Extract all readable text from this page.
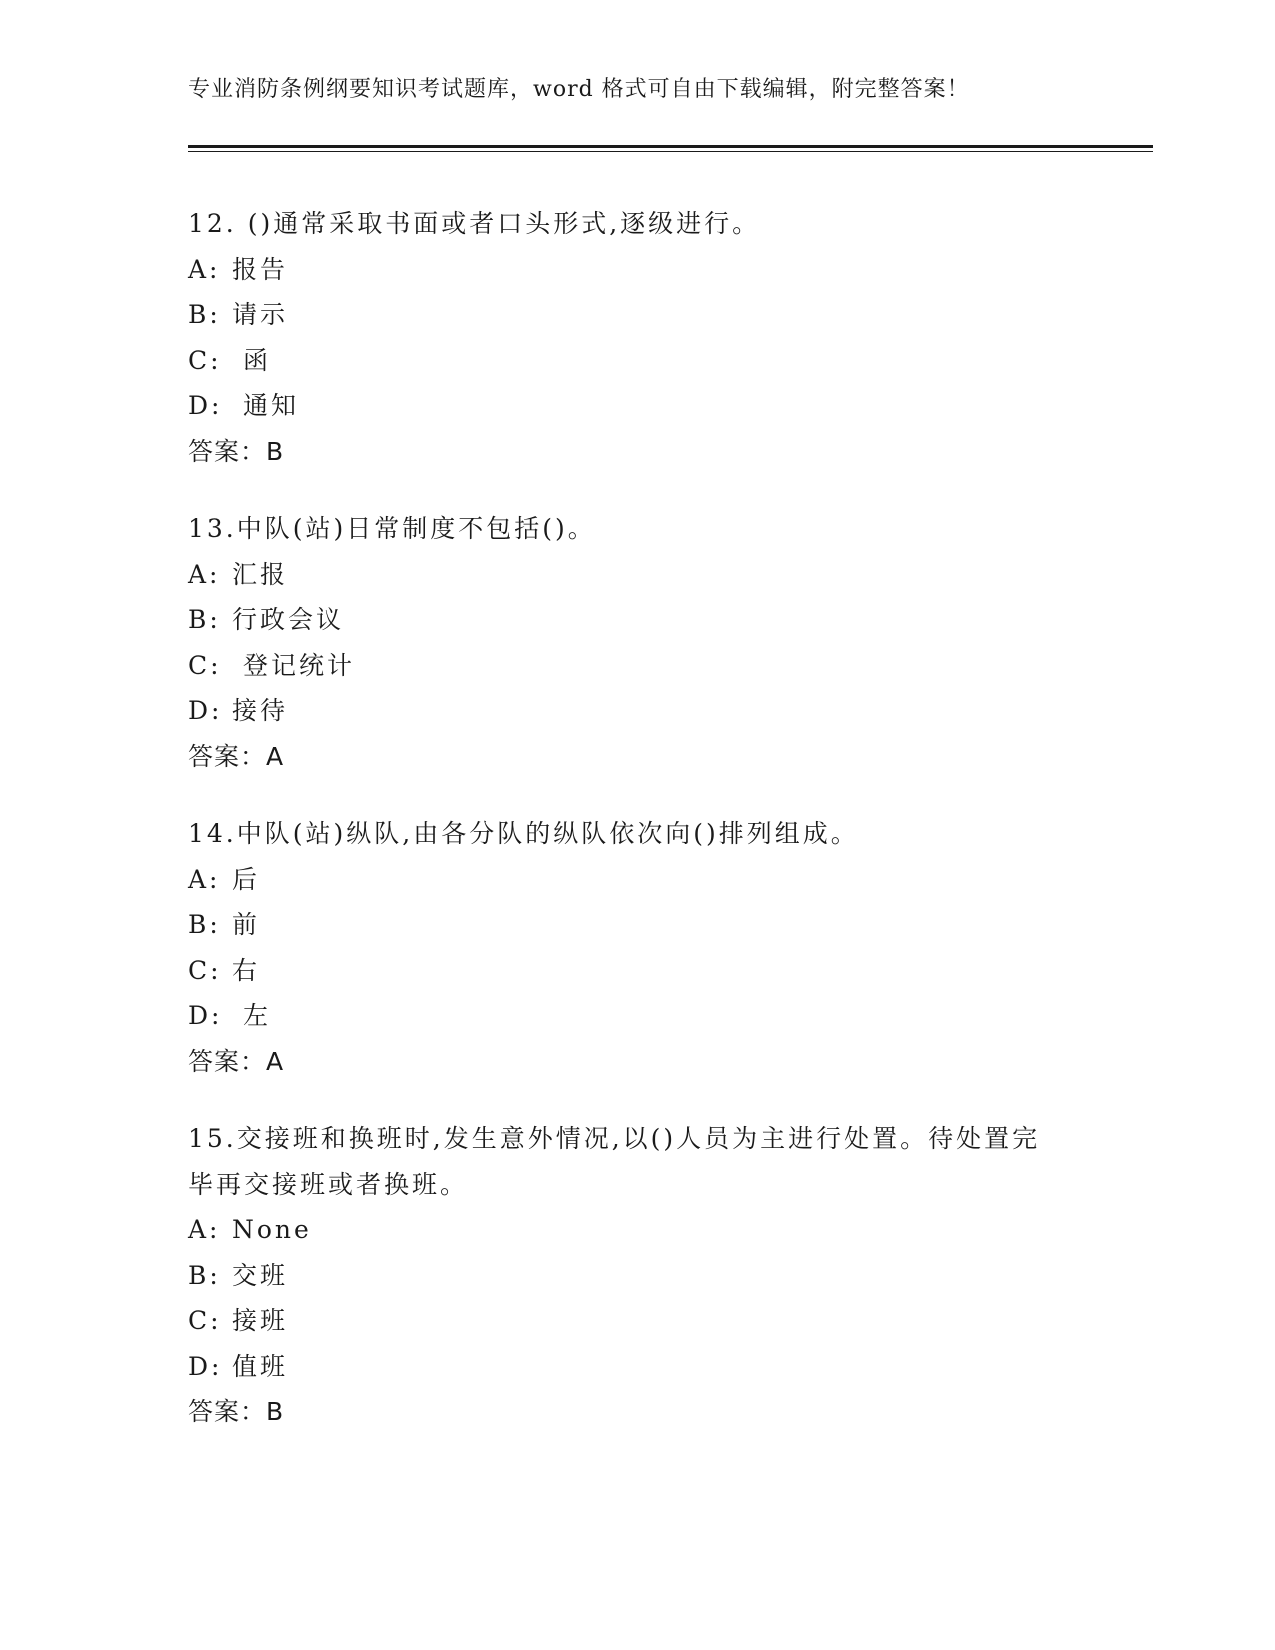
专业消防条例纲要知识考试题库，word 格式可自由下载编辑，附完整答案！
12. ()通常采取书面或者口头形式,逐级进行。
A: 报告
B: 请示
C: 函
D: 通知
答案：B
13.中队(站)日常制度不包括()。
A: 汇报
B: 行政会议
C: 登记统计
D: 接待
答案：A
14.中队(站)纵队,由各分队的纵队依次向()排列组成。
A: 后
B: 前
C: 右
D: 左
答案：A
15.交接班和换班时,发生意外情况,以()人员为主进行处置。待处置完毕再交接班或者换班。
A: None
B: 交班
C: 接班
D: 值班
答案：B
